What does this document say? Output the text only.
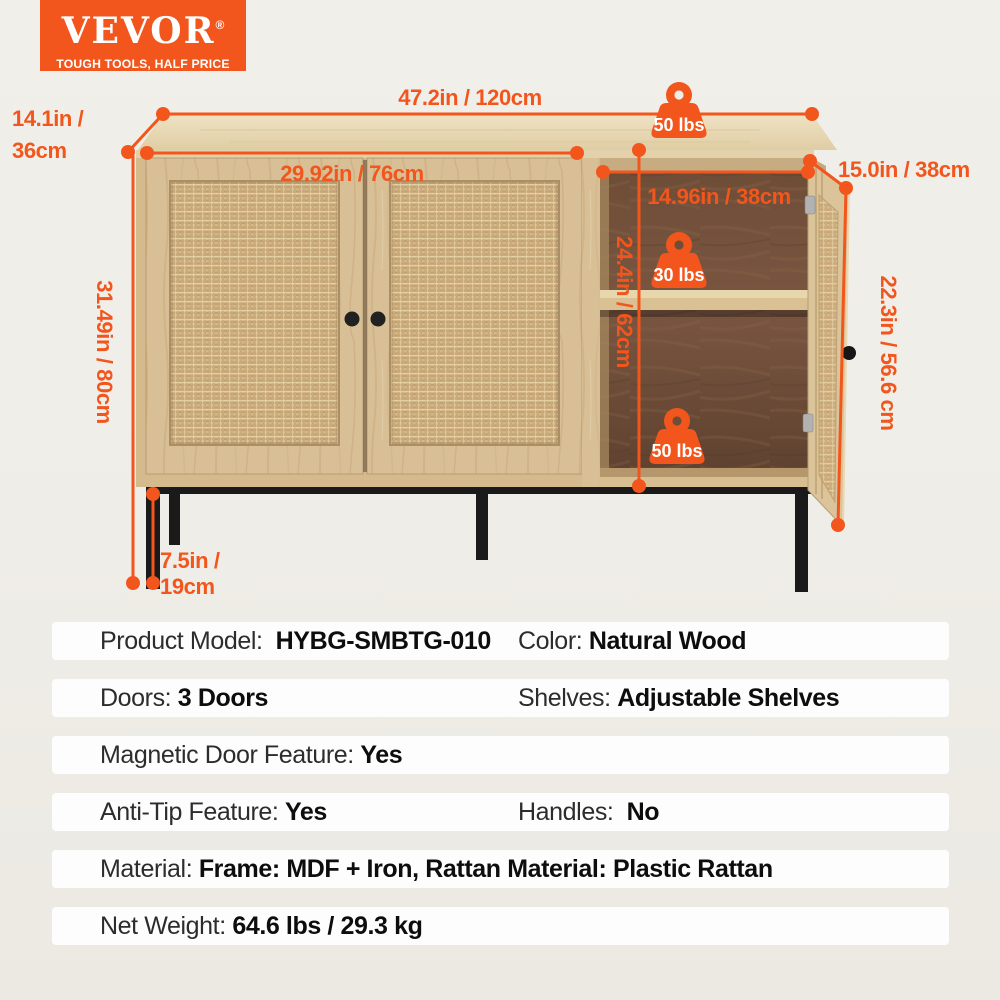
VEVOR®
TOUGH TOOLS, HALF PRICE
50 lbs
30 lbs
50 lbs
47.2in / 120cm
14.1in /
36cm
29.92in / 76cm
14.96in / 38cm
15.0in / 38cm
24.4in / 62cm	22.3in / 56.6 cm
31.49in / 80cm
7.5in /
19cm
Product Model:  HYBG-SMBTG-010 Color: Natural Wood
Doors: 3 Doors	Shelves: Adjustable Shelves
Magnetic Door Feature: Yes
Anti-Tip Feature: Yes	Handles:  No
Material: Frame: MDF + Iron, Rattan Material: Plastic Rattan
Net Weight: 64.6 lbs / 29.3 kg
